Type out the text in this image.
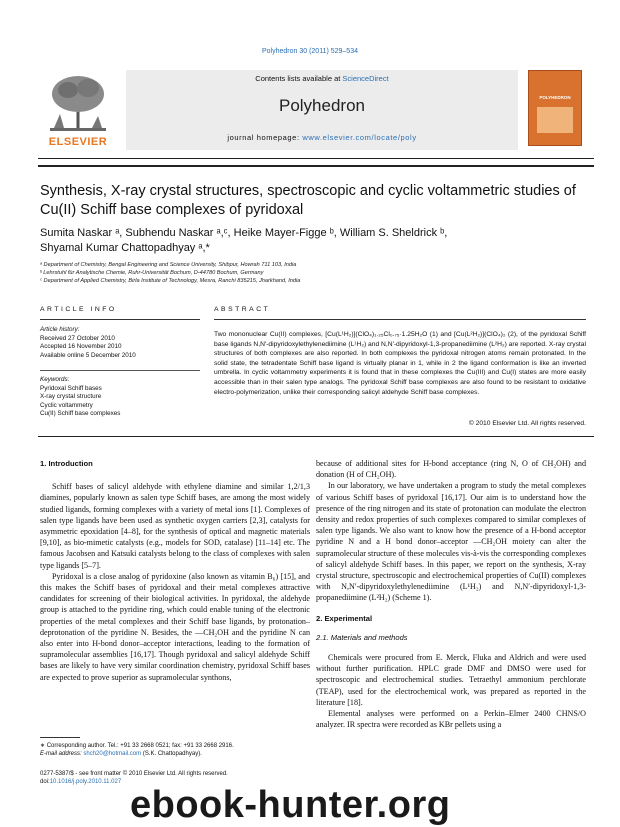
Polyhedron 30 (2011) 529–534
ELSEVIER
Contents lists available at ScienceDirect
Polyhedron
journal homepage: www.elsevier.com/locate/poly
POLYHEDRON
Synthesis, X-ray crystal structures, spectroscopic and cyclic voltammetric studies of Cu(II) Schiff base complexes of pyridoxal
Sumita Naskar ᵃ, Subhendu Naskar ᵃ,ᶜ, Heike Mayer-Figge ᵇ, William S. Sheldrick ᵇ,
Shyamal Kumar Chattopadhyay ᵃ,*
ᵃ Department of Chemistry, Bengal Engineering and Science University, Shibpur, Howrah 711 103, India
ᵇ Lehrstuhl für Analytische Chemie, Ruhr-Universität Bochum, D-44780 Bochum, Germany
ᶜ Department of Applied Chemistry, Birla Institute of Technology, Mesra, Ranchi 835215, Jharkhand, India
ARTICLE INFO	ABSTRACT
Article history:
Received 27 October 2010
Accepted 16 November 2010
Available online 5 December 2010
Keywords:
Pyridoxal Schiff bases
X-ray crystal structure
Cyclic voltammetry
Cu(II) Schiff base complexes
Two mononuclear Cu(II) complexes, [Cu(L¹H₂)](ClO₄)₁.₂₅Cl₀.₇₅·1.25H₂O (1) and [Cu(L²H₂)](ClO₄)₂ (2), of the pyridoxal Schiff base ligands N,N′-dipyridoxylethylenediimine (L¹H₂) and N,N′-dipyridoxyl-1,3-propanediimine (L²H₂) are reported. X-ray crystal structures of both complexes are also reported. In both complexes the pyridoxal nitrogen atoms remain protonated. In the solid state, the tetradentate Schiff base ligand is virtually planar in 1, while in 2 the ligand conformation is like an inverted umbrella. In cyclic voltammetry experiments it is found that in these complexes the Cu(III) and Cu(I) states are more easily accessible than in their salen type analogs. The pyridoxal Schiff base complexes are also found to be resistant to oxidative electro-polymerization, unlike their corresponding salicyl aldehyde Schiff base complexes.
© 2010 Elsevier Ltd. All rights reserved.
1. Introduction

Schiff bases of salicyl aldehyde with ethylene diamine and similar 1,2/1,3 diamines, popularly known as salen type Schiff bases, are among the most widely studied ligands, forming complexes with a variety of metal ions [1]. Complexes of salen type ligands have been used as synthetic oxygen carriers [2,3], catalysts for asymmetric epoxidation [4–8], for the synthesis of optical and magnetic materials [9,10], as bio-mimetic catalysts (e.g., models for SOD, catalase) [11–14] etc. The famous Jacobsen and Katsuki catalysts belong to the class of complexes with salen type ligands [5–7].

Pyridoxal is a close analog of pyridoxine (also known as vitamin B₆) [15], and this makes the Schiff bases of pyridoxal and their metal complexes attractive candidates for screening of their biological activities. In pyridoxal, the aldehyde group is attached to the pyridine ring, which could enable tuning of the electronic properties of the metal complexes and their Schiff base ligands, by protonation–deprotonation of the pyridine N. Besides, the —CH₂OH and the pyridine N can also enter into H-bond donor–acceptor interactions, leading to the formation of supramolecular assemblies [16,17]. Though pyridoxal and salicyl aldehyde Schiff bases are likely to have very similar coordination chemistry, pyridoxal Schiff bases are expected to prove superior as supramolecular synthons,

because of additional sites for H-bond acceptance (ring N, O of CH₂OH) and donation (H of CH₂OH).

In our laboratory, we have undertaken a program to study the metal complexes of various Schiff bases of pyridoxal [16,17]. Our aim is to understand how the presence of the ring nitrogen and its state of protonation can modulate the electron density and redox properties of such complexes compared to similar complexes of salen type ligands. We also want to know how the presence of a H-bond acceptor pyridine N and a H bond donor–acceptor —CH₂OH moiety can alter the supramolecular structure of these molecules vis-à-vis the corresponding complexes of salicyl aldehyde Schiff bases. In this paper, we report on the synthesis, X-ray crystal structure, spectroscopic and electrochemical properties of Cu(II) complexes with N,N′-dipyridoxylethylenediimine (L¹H₂) and N,N′-dipyridoxyl-1,3-propanediimine (L²H₂) (Scheme 1).

2. Experimental
2.1. Materials and methods

Chemicals were procured from E. Merck, Fluka and Aldrich and were used without further purification. HPLC grade DMF and DMSO were used for spectroscopic and electrochemical studies. Tetraethyl ammonium perchlorate (TEAP), used for the electrochemical work, was prepared as reported in the literature [18].

Elemental analyses were performed on a Perkin–Elmer 2400 CHNS/O analyzer. IR spectra were recorded as KBr pellets using a

∗ Corresponding author. Tel.: +91 33 2668 0521; fax: +91 33 2668 2916.
E-mail address: shch20@hotmail.com (S.K. Chattopadhyay).
0277-5387/$ - see front matter © 2010 Elsevier Ltd. All rights reserved.
doi:10.1016/j.poly.2010.11.027
ebook-hunter.org
